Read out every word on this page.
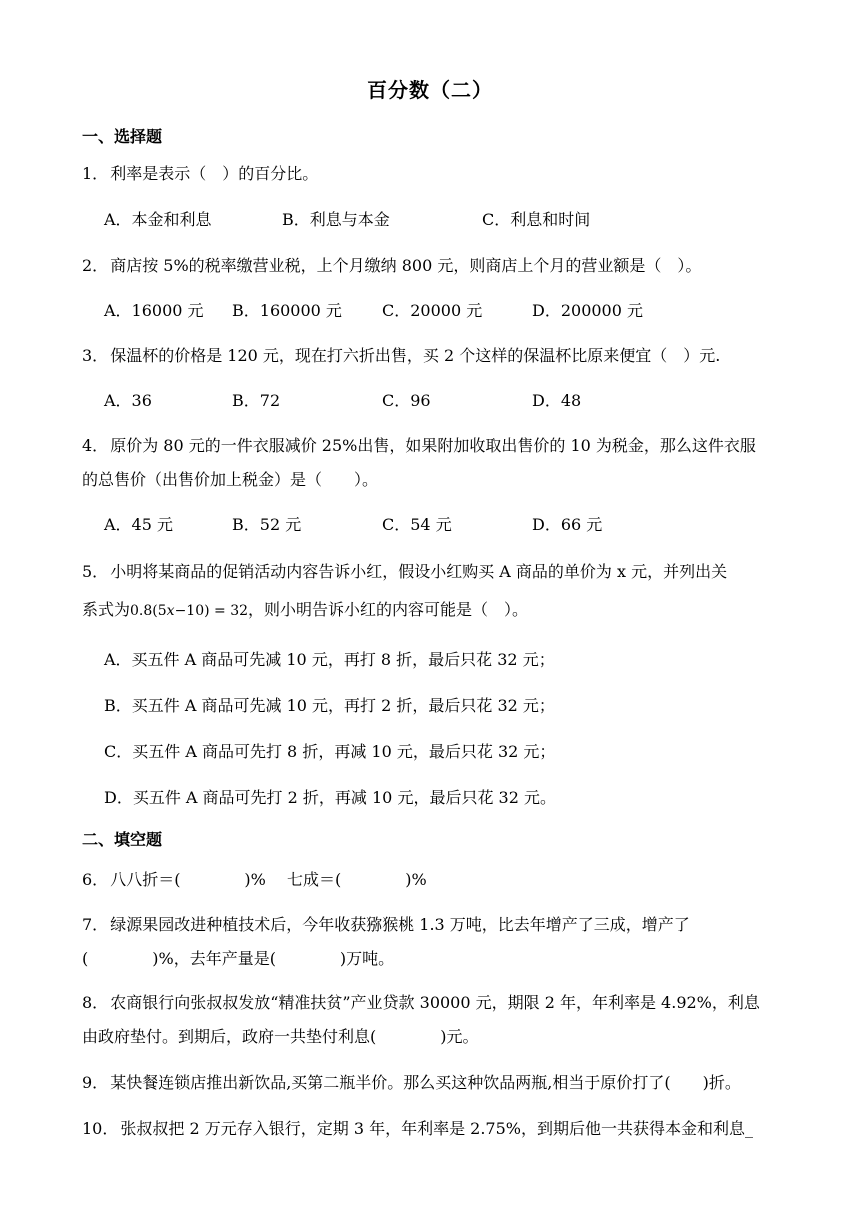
百分数（二）
一、选择题
1． 利率是表示（　）的百分比。
A．本金和利息	B．利息与本金	C．利息和时间
2． 商店按 5%的税率缴营业税，上个月缴纳 800 元，则商店上个月的营业额是（　）。
A．16000 元 B．160000 元	C．20000 元	D．200000 元
3． 保温杯的价格是 120 元，现在打六折出售，买 2 个这样的保温杯比原来便宜（　）元.
A．36	B．72	C．96	D．48
4． 原价为 80 元的一件衣服减价 25%出售，如果附加收取出售价的 10 为税金，那么这件衣服
的总售价（出售价加上税金）是（　　）。
A．45 元	B．52 元	C．54 元	D．66 元
5． 小明将某商品的促销活动内容告诉小红，假设小红购买 A 商品的单价为 x 元，并列出关
系式为0.8(5x−10) = 32，则小明告诉小红的内容可能是（　）。
A．买五件 A 商品可先减 10 元，再打 8 折，最后只花 32 元；
B．买五件 A 商品可先减 10 元，再打 2 折，最后只花 32 元；
C．买五件 A 商品可先打 8 折，再减 10 元，最后只花 32 元；
D．买五件 A 商品可先打 2 折，再减 10 元，最后只花 32 元。
二、填空题
6． 八八折＝(　　　　)%　 七成＝(　　　　)%
7． 绿源果园改进种植技术后，今年收获猕猴桃 1.3 万吨，比去年增产了三成，增产了
(　　　　)%，去年产量是(　　　　)万吨。
8． 农商银行向张叔叔发放“精准扶贫”产业贷款 30000 元，期限 2 年，年利率是 4.92%，利息
由政府垫付。到期后，政府一共垫付利息(　　　　)元。
9． 某快餐连锁店推出新饮品,买第二瓶半价。那么买这种饮品两瓶,相当于原价打了(　　)折。
10． 张叔叔把 2 万元存入银行，定期 3 年，年利率是 2.75%，到期后他一共获得本金和利息_
